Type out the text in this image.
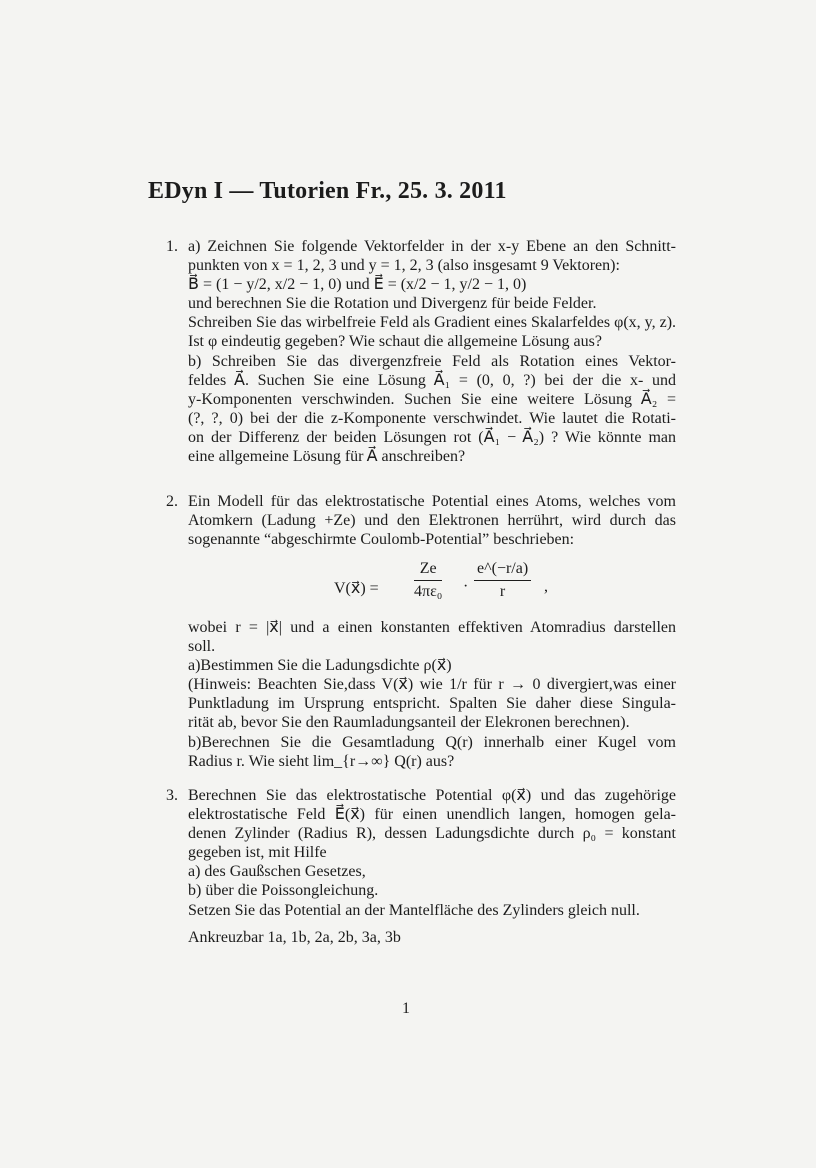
EDyn I — Tutorien Fr., 25. 3. 2011
1. a) Zeichnen Sie folgende Vektorfelder in der x-y Ebene an den Schnitt-
punkten von x = 1, 2, 3 und y = 1, 2, 3 (also insgesamt 9 Vektoren):
B⃗ = (1 − y/2, x/2 − 1, 0) und E⃗ = (x/2 − 1, y/2 − 1, 0)
und berechnen Sie die Rotation und Divergenz für beide Felder.
Schreiben Sie das wirbelfreie Feld als Gradient eines Skalarfeldes φ(x, y, z).
Ist φ eindeutig gegeben? Wie schaut die allgemeine Lösung aus?
b) Schreiben Sie das divergenzfreie Feld als Rotation eines Vektor-
feldes A⃗. Suchen Sie eine Lösung A⃗₁ = (0, 0, ?) bei der die x- und
y-Komponenten verschwinden. Suchen Sie eine weitere Lösung A⃗₂ =
(?, ?, 0) bei der die z-Komponente verschwindet. Wie lautet die Rotati-
on der Differenz der beiden Lösungen rot (A⃗₁ − A⃗₂) ? Wie könnte man
eine allgemeine Lösung für A⃗ anschreiben?
2. Ein Modell für das elektrostatische Potential eines Atoms, welches vom
Atomkern (Ladung +Ze) und den Elektronen herrührt, wird durch das
sogenannte “abgeschirmte Coulomb-Potential” beschrieben:
V(x⃗) = $\frac{Ze}{\text{4πε₀}} \cdot \frac{e\^{}(-r/a)}{r}$ ,
wobei r = |x⃗| und a einen konstanten effektiven Atomradius darstellen
soll.
a)Bestimmen Sie die Ladungsdichte ρ(x⃗)
(Hinweis: Beachten Sie,dass V(x⃗) wie 1/r für r → 0 divergiert,was einer
Punktladung im Ursprung entspricht. Spalten Sie daher diese Singula-
rität ab, bevor Sie den Raumladungsanteil der Elekronen berechnen).
b)Berechnen Sie die Gesamtladung Q(r) innerhalb einer Kugel vom
Radius r. Wie sieht lim_{r→∞} Q(r) aus?
3. Berechnen Sie das elektrostatische Potential φ(x⃗) und das zugehörige
elektrostatische Feld E⃗(x⃗) für einen unendlich langen, homogen gela-
denen Zylinder (Radius R), dessen Ladungsdichte durch ρ₀ = konstant
gegeben ist, mit Hilfe
a) des Gaußschen Gesetzes,
b) über die Poissongleichung.
Setzen Sie das Potential an der Mantelfläche des Zylinders gleich null.
Ankreuzbar 1a, 1b, 2a, 2b, 3a, 3b
1
